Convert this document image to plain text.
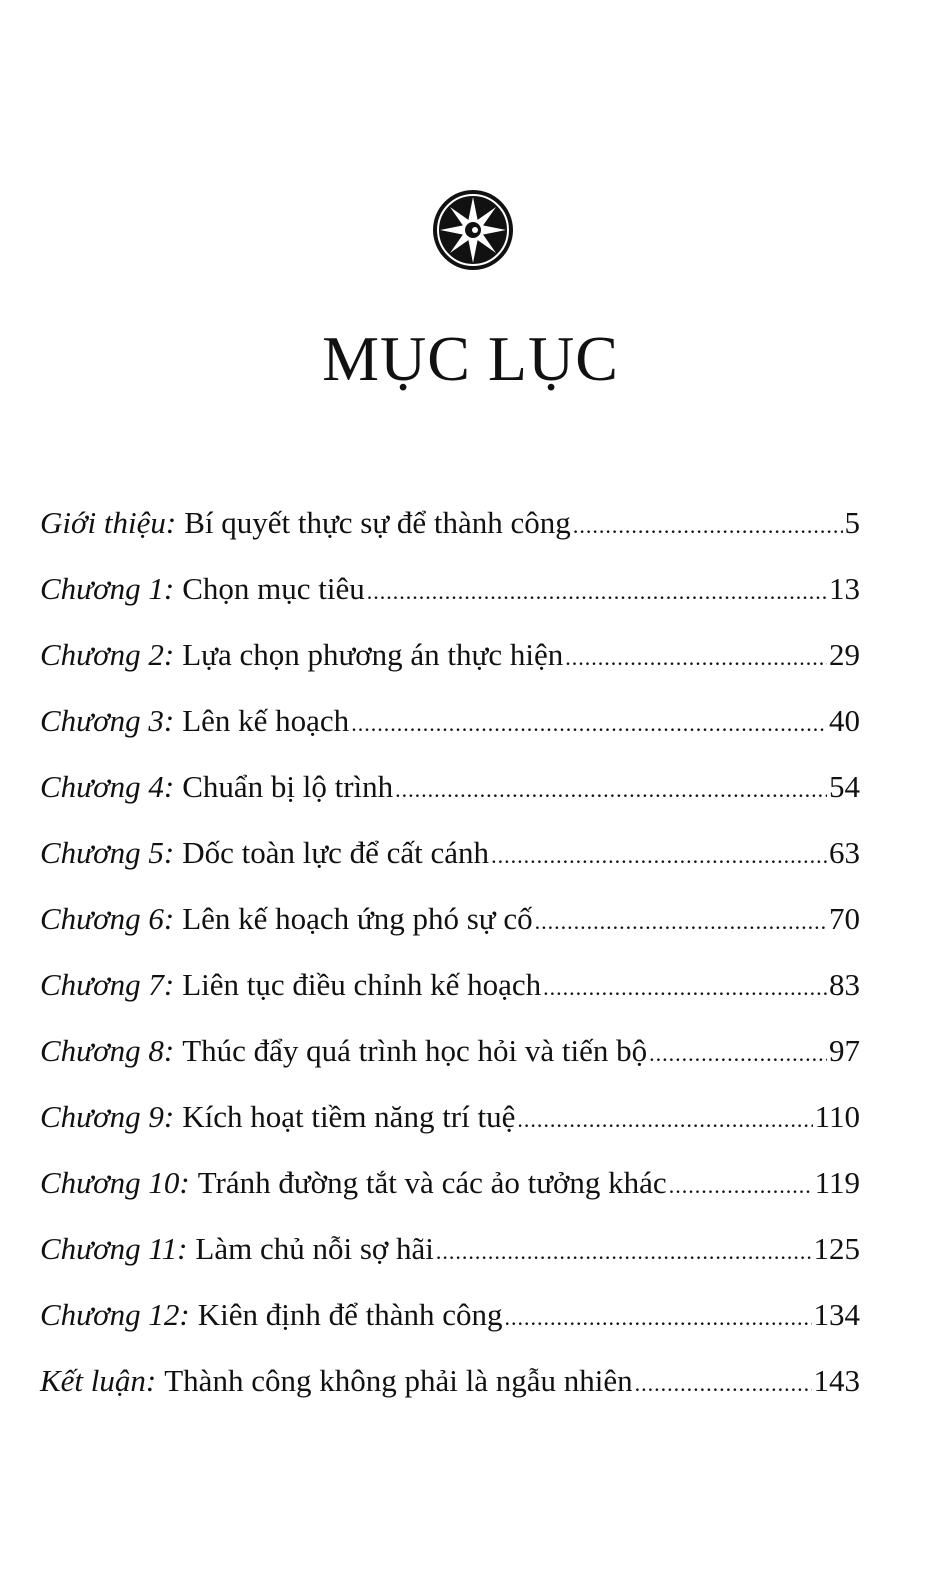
MỤC LỤC
Giới thiệu: Bí quyết thực sự để thành công .....	5
Chương 1: Chọn mục tiêu .....	13
Chương 2: Lựa chọn phương án thực hiện .....	29
Chương 3: Lên kế hoạch .....	40
Chương 4: Chuẩn bị lộ trình .....	54
Chương 5: Dốc toàn lực để cất cánh .....	63
Chương 6: Lên kế hoạch ứng phó sự cố .....	70
Chương 7: Liên tục điều chỉnh kế hoạch .....	83
Chương 8: Thúc đẩy quá trình học hỏi và tiến bộ .....	97
Chương 9: Kích hoạt tiềm năng trí tuệ .....	110
Chương 10: Tránh đường tắt và các ảo tưởng khác .....	119
Chương 11: Làm chủ nỗi sợ hãi .....	125
Chương 12: Kiên định để thành công .....	134
Kết luận: Thành công không phải là ngẫu nhiên .....	143
